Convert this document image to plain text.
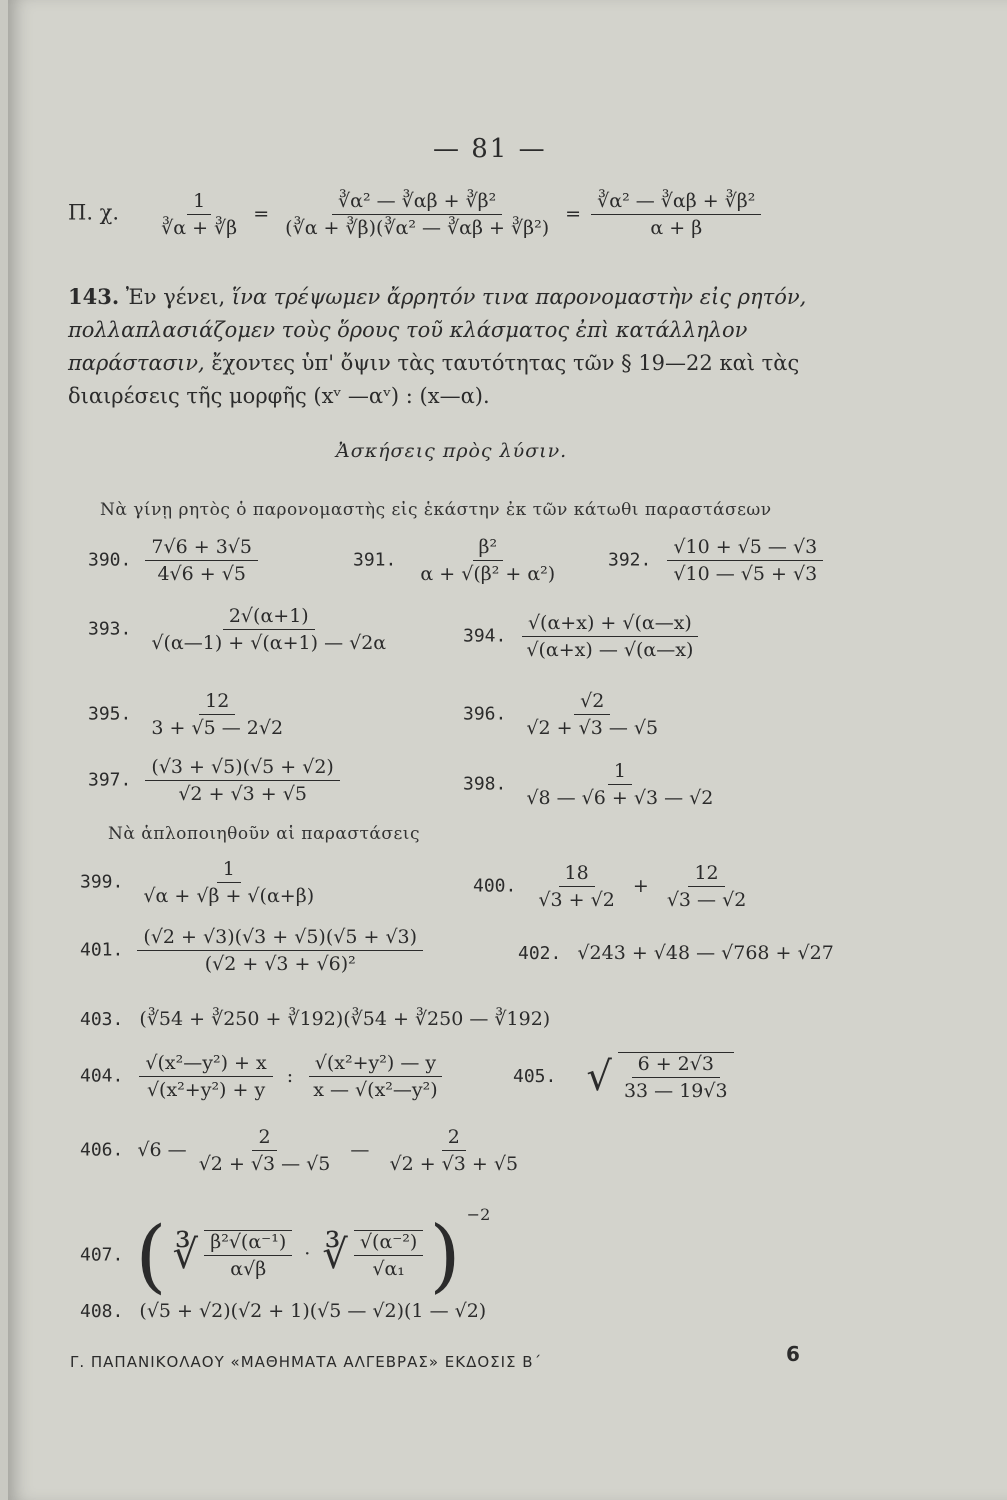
— 81 —
Π. χ. $\frac{1}{∛\alpha + ∛\beta} = \frac{\text{∛α² — ∛αβ + ∛β²}}{\text{(∛α + ∛β)(∛α² — ∛αβ + ∛β²)}} = \frac{\text{∛α² — ∛αβ + ∛β²}}{\alpha + \beta}$
143. Ἐν γένει, ἵνα τρέψωμεν ἄρρητόν τινα παρονομαστὴν εἰς ρητόν, πολλαπλασιάζομεν τοὺς ὅρους τοῦ κλάσματος ἐπὶ κατάλληλον παράστασιν, ἔχοντες ὑπ' ὄψιν τὰς ταυτότητας τῶν § 19—22 καὶ τὰς διαιρέσεις τῆς μορφῆς (xᵛ —αᵛ) : (x—α).
Ἀσκήσεις πρὸς λύσιν.
Νὰ γίνῃ ρητὸς ὁ παρονομαστὴς εἰς ἑκάστην ἐκ τῶν κάτωθι παραστάσεων
390. $\frac{7√6 + 3√5}{4√6 + √5}$	391. $\frac{\text{β²}}{\text{α + √(β² + α²)}}$	392. $\frac{√10 + √5 — √3}{√10 — √5 + √3}$
393. $\frac{2√(\alpha+1)}{√(\alpha—1) + √(\alpha+1) — √2\alpha}$	394. $\frac{√(\alpha+x) + √(\alpha—x)}{√(\alpha+x) — √(\alpha—x)}$
395. $\frac{12}{3 + √5 — 2√2}$	396. $\frac{√2}{√2 + √3 — √5}$
397. $\frac{(√3 + √5)(√5 + √2)}{√2 + √3 + √5}$	398. $\frac{1}{√8 — √6 + √3 — √2}$
Νὰ ἁπλοποιηθοῦν αἱ παραστάσεις
399. $\frac{1}{√\alpha + √\beta + √(\alpha+\beta)}$	400. $\frac{18}{√3 + √2} + \frac{12}{√3 — √2}$
401. $\frac{(√2 + √3)(√3 + √5)(√5 + √3)}{\text{(√2 + √3 + √6)²}}$	402. √243 + √48 — √768 + √27
403. (∛54 + ∛250 + ∛192)(∛54 + ∛250 — ∛192)
404. $\frac{\text{√(x²—y²) + x}}{\text{√(x²+y²) + y}}$ : $\frac{\text{√(x²+y²) — y}}{\text{x — √(x²—y²)}}$	405. √ $\frac{6 + 2√3}{33 — 19√3}$
406. √6 — $\frac{2}{√2 + √3 — √5}$ — $\frac{2}{√2 + √3 + √5}$
407. ( ∛ $\frac{\text{β²√(α⁻¹)}}{\alpha√\beta}$ · ∛ $\frac{\text{√(α⁻²)}}{\text{√α₁}}$ ) $^{-2}$
408. (√5 + √2)(√2 + 1)(√5 — √2)(1 — √2)
Γ. ΠΑΠΑΝΙΚΟΛΑΟΥ «ΜΑΘΗΜΑΤΑ ΑΛΓΕΒΡΑΣ» ΕΚΔΟΣΙΣ Β΄	6
